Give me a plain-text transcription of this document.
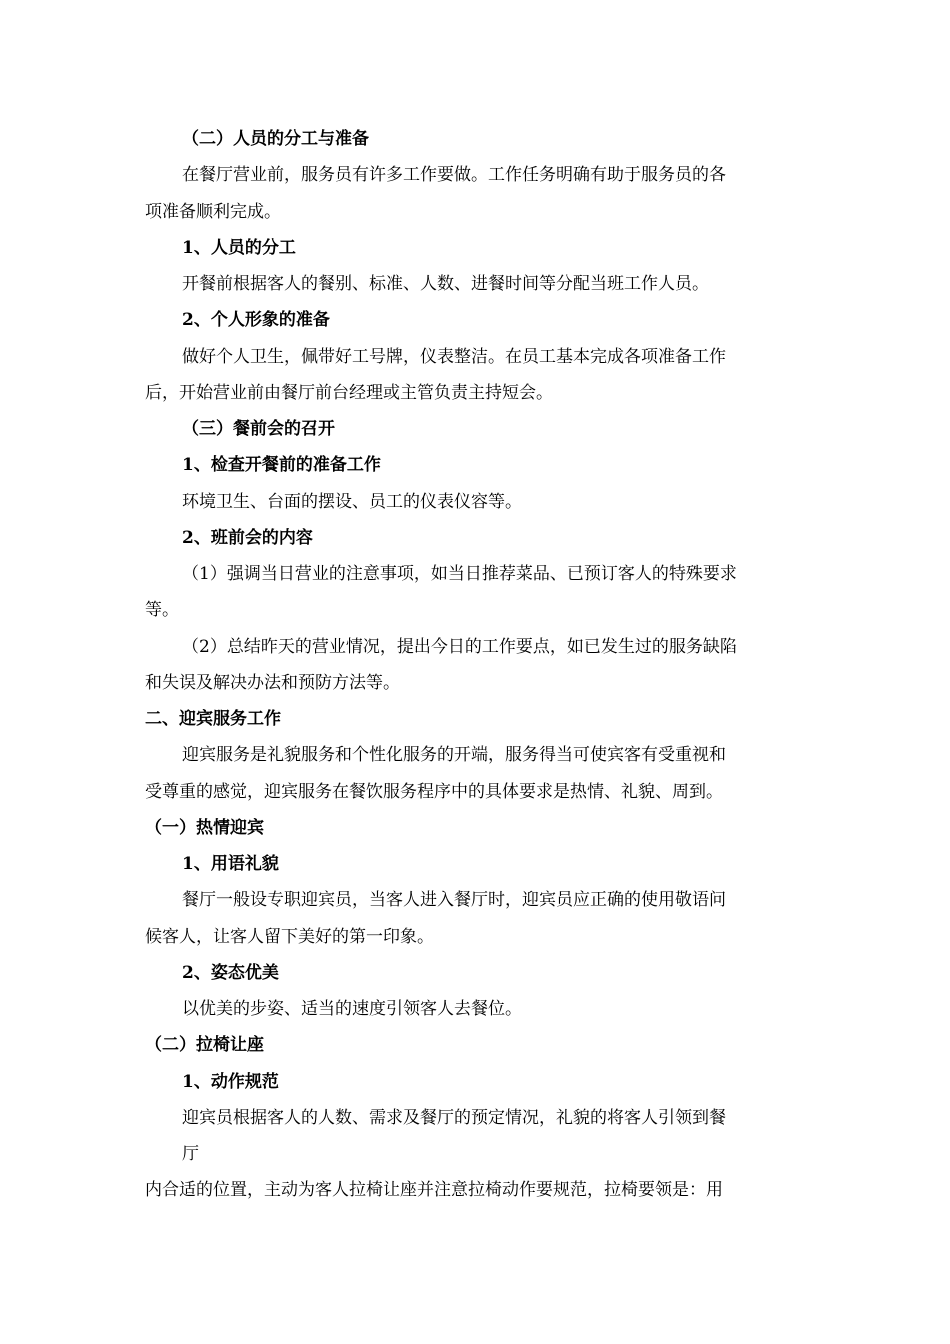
（二）人员的分工与准备

在餐厅营业前，服务员有许多工作要做。工作任务明确有助于服务员的各

项准备顺利完成。

1、人员的分工

开餐前根据客人的餐别、标准、人数、进餐时间等分配当班工作人员。

2、个人形象的准备

做好个人卫生，佩带好工号牌，仪表整洁。在员工基本完成各项准备工作

后，开始营业前由餐厅前台经理或主管负责主持短会。

（三）餐前会的召开

1、检查开餐前的准备工作

环境卫生、台面的摆设、员工的仪表仪容等。

2、班前会的内容

（1）强调当日营业的注意事项，如当日推荐菜品、已预订客人的特殊要求

等。

（2）总结昨天的营业情况，提出今日的工作要点，如已发生过的服务缺陷

和失误及解决办法和预防方法等。

二、迎宾服务工作

迎宾服务是礼貌服务和个性化服务的开端，服务得当可使宾客有受重视和

受尊重的感觉，迎宾服务在餐饮服务程序中的具体要求是热情、礼貌、周到。

（一）热情迎宾

1、用语礼貌

餐厅一般设专职迎宾员，当客人进入餐厅时，迎宾员应正确的使用敬语问

候客人，让客人留下美好的第一印象。

2、姿态优美

以优美的步姿、适当的速度引领客人去餐位。

（二）拉椅让座

1、动作规范

迎宾员根据客人的人数、需求及餐厅的预定情况，礼貌的将客人引领到餐

厅

内合适的位置，主动为客人拉椅让座并注意拉椅动作要规范，拉椅要领是：用
